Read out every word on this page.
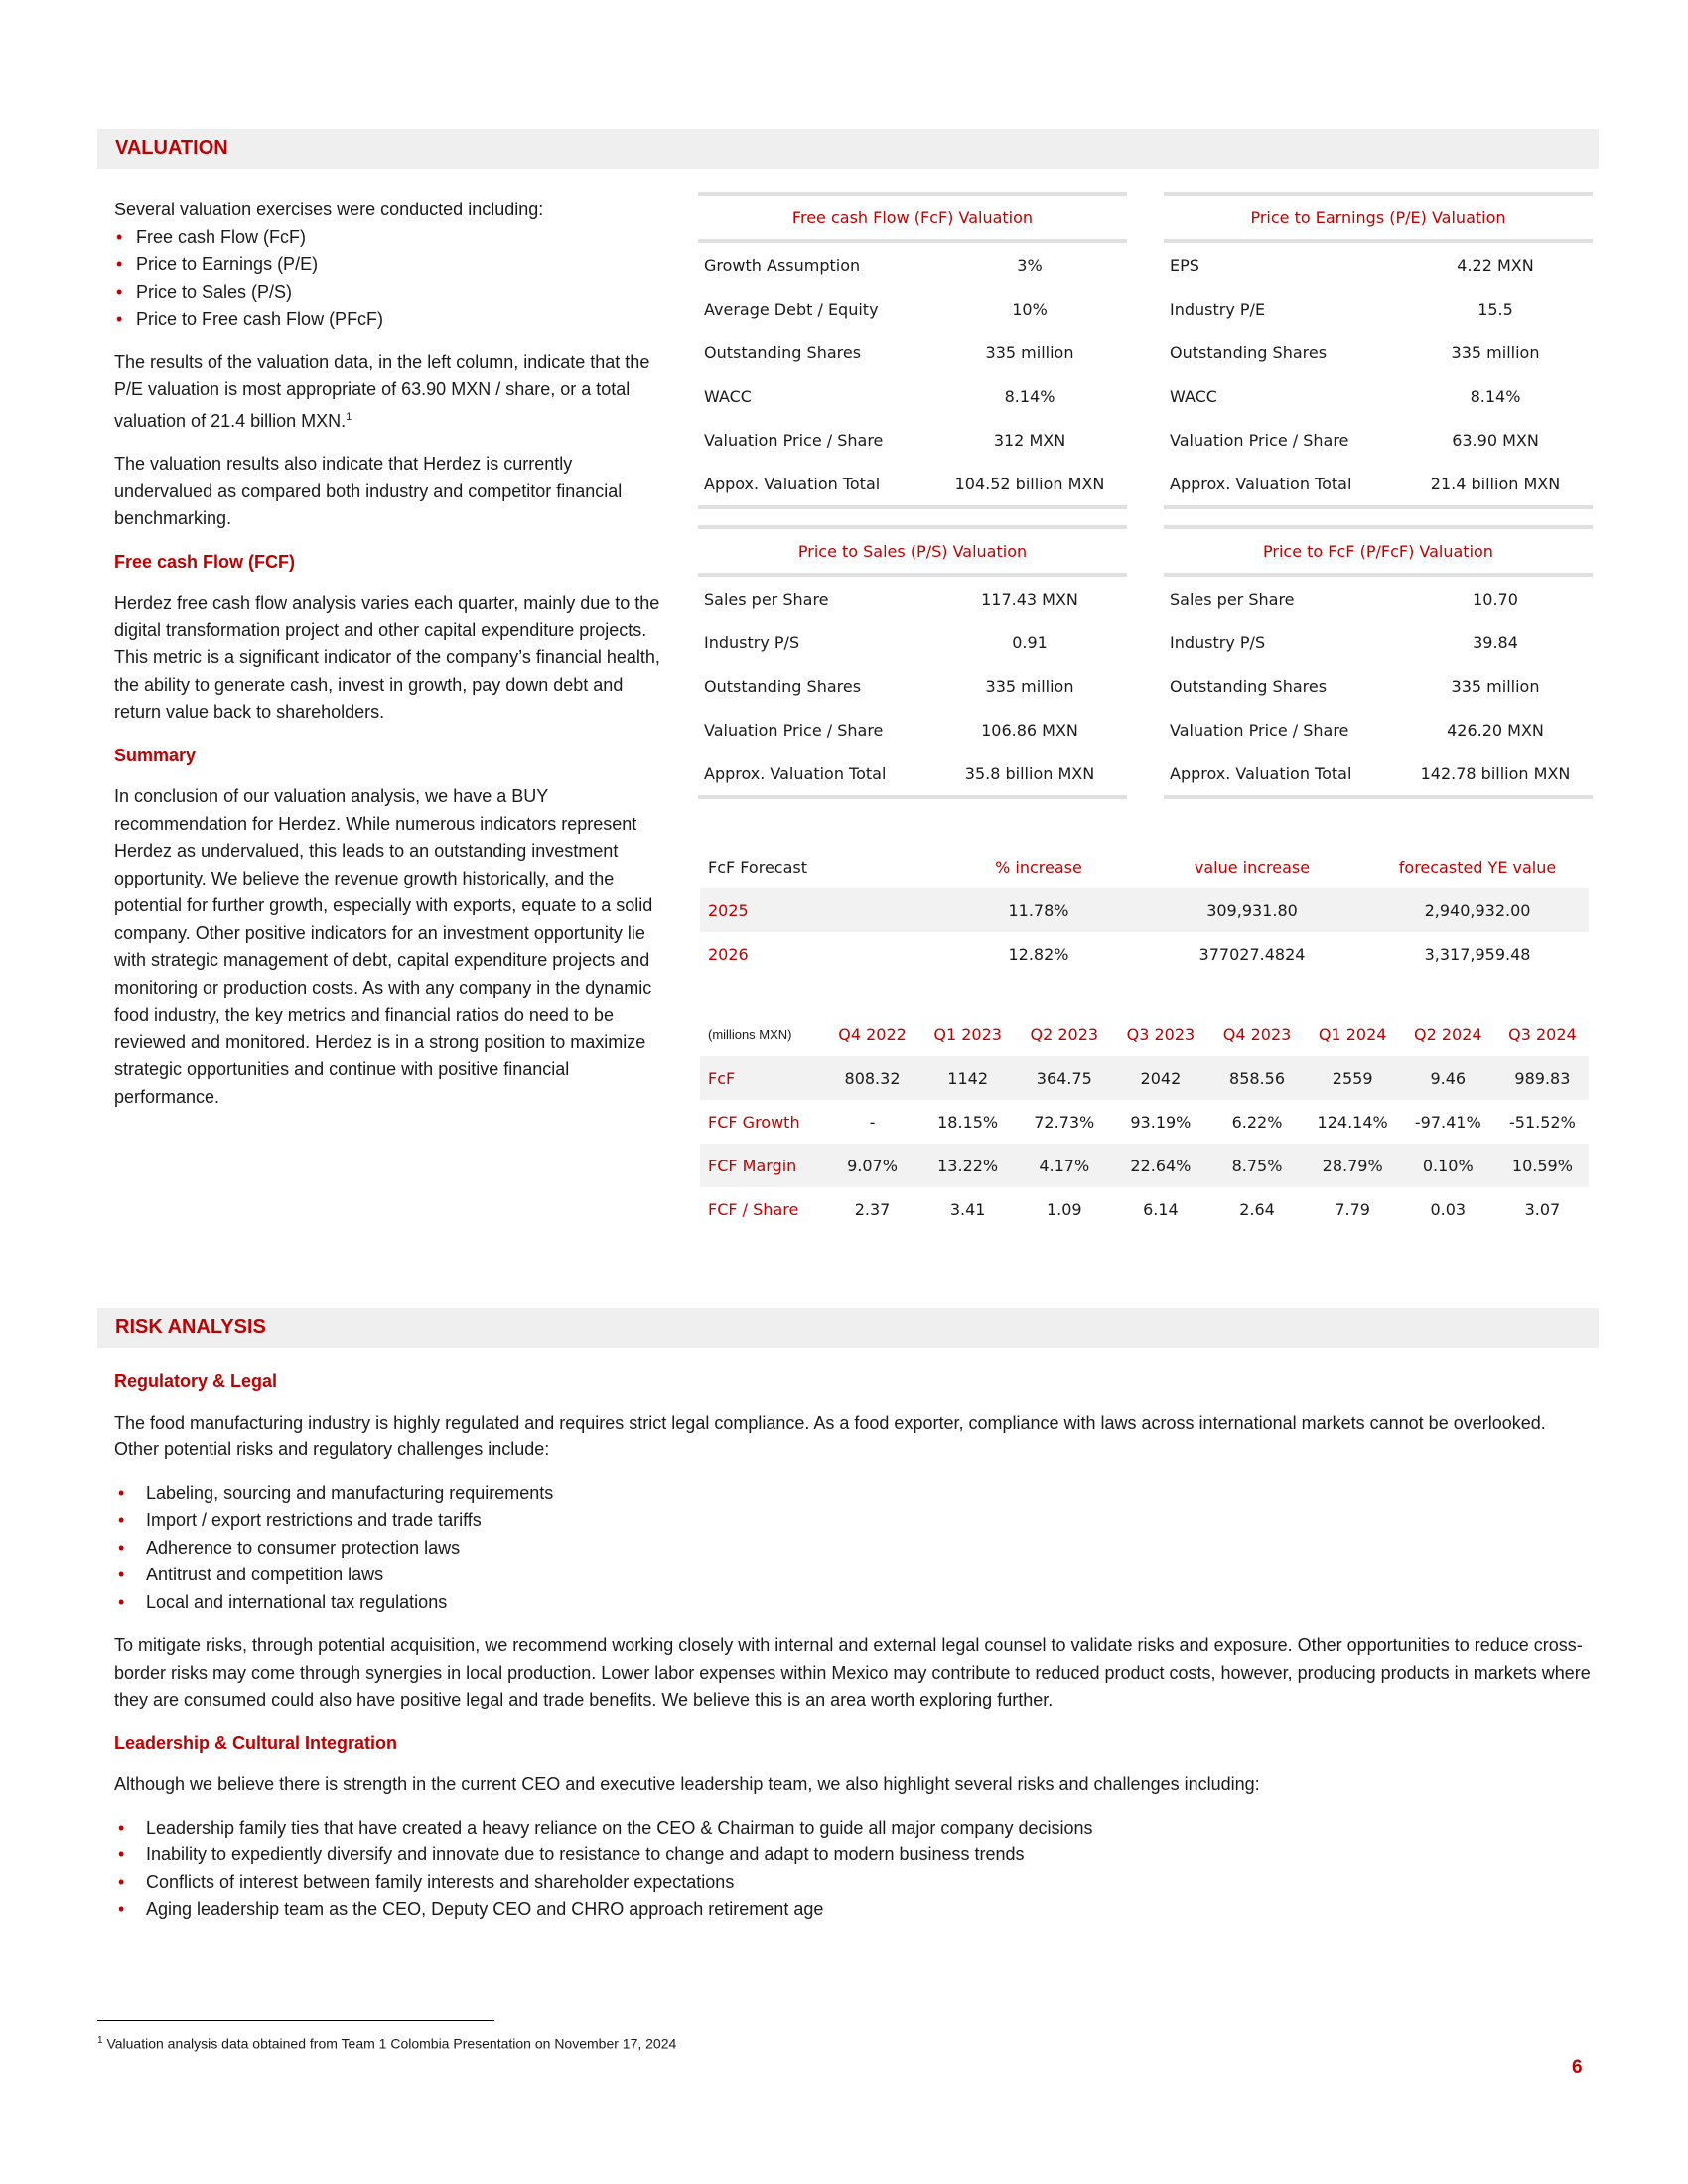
VALUATION

Several valuation exercises were conducted including:

• Free cash Flow (FcF)
• Price to Earnings (P/E)
• Price to Sales (P/S)
• Price to Free cash Flow (PFcF)

The results of the valuation data, in the left column, indicate that the P/E valuation is most appropriate of 63.90 MXN / share, or a total valuation of 21.4 billion MXN.$^1$

The valuation results also indicate that Herdez is currently undervalued as compared both industry and competitor financial benchmarking.

Free cash Flow (FCF)

Herdez free cash flow analysis varies each quarter, mainly due to the digital transformation project and other capital expenditure projects. This metric is a significant indicator of the company’s financial health, the ability to generate cash, invest in growth, pay down debt and return value back to shareholders.

Summary

In conclusion of our valuation analysis, we have a BUY recommendation for Herdez. While numerous indicators represent Herdez as undervalued, this leads to an outstanding investment opportunity. We believe the revenue growth historically, and the potential for further growth, especially with exports, equate to a solid company. Other positive indicators for an investment opportunity lie with strategic management of debt, capital expenditure projects and monitoring or production costs. As with any company in the dynamic food industry, the key metrics and financial ratios do need to be reviewed and monitored. Herdez is in a strong position to maximize strategic opportunities and continue with positive financial performance.

Free cash Flow (FcF) Valuation
Growth Assumption	3%
Average Debt / Equity	10%
Outstanding Shares	335 million
WACC	8.14%
Valuation Price / Share	312 MXN
Appox. Valuation Total	104.52 billion MXN
Price to Earnings (P/E) Valuation
EPS	4.22 MXN
Industry P/E	15.5
Outstanding Shares	335 million
WACC	8.14%
Valuation Price / Share	63.90 MXN
Approx. Valuation Total	21.4 billion MXN
Price to Sales (P/S) Valuation
Sales per Share	117.43 MXN
Industry P/S	0.91
Outstanding Shares	335 million
Valuation Price / Share	106.86 MXN
Approx. Valuation Total	35.8 billion MXN
Price to FcF (P/FcF) Valuation
Sales per Share	10.70
Industry P/S	39.84
Outstanding Shares	335 million
Valuation Price / Share	426.20 MXN
Approx. Valuation Total	142.78 billion MXN
FcF Forecast	% increase	value increase	forecasted YE value
2025	11.78%	309,931.80	2,940,932.00
2026	12.82%	377027.4824	3,317,959.48
(millions MXN)	Q4 2022	Q1 2023	Q2 2023	Q3 2023	Q4 2023	Q1 2024	Q2 2024	Q3 2024
FcF	808.32	1142	364.75	2042	858.56	2559	9.46	989.83
FCF Growth	-	18.15%	72.73%	93.19%	6.22%	124.14%	-97.41%	-51.52%
FCF Margin	9.07%	13.22%	4.17%	22.64%	8.75%	28.79%	0.10%	10.59%
FCF / Share	2.37	3.41	1.09	6.14	2.64	7.79	0.03	3.07
RISK ANALYSIS
Regulatory & Legal

The food manufacturing industry is highly regulated and requires strict legal compliance. As a food exporter, compliance with laws across international markets cannot be overlooked. Other potential risks and regulatory challenges include:

• Labeling, sourcing and manufacturing requirements
• Import / export restrictions and trade tariffs
• Adherence to consumer protection laws
• Antitrust and competition laws
• Local and international tax regulations

To mitigate risks, through potential acquisition, we recommend working closely with internal and external legal counsel to validate risks and exposure. Other opportunities to reduce cross-border risks may come through synergies in local production. Lower labor expenses within Mexico may contribute to reduced product costs, however, producing products in markets where they are consumed could also have positive legal and trade benefits. We believe this is an area worth exploring further.

Leadership & Cultural Integration

Although we believe there is strength in the current CEO and executive leadership team, we also highlight several risks and challenges including:

• Leadership family ties that have created a heavy reliance on the CEO & Chairman to guide all major company decisions
• Inability to expediently diversify and innovate due to resistance to change and adapt to modern business trends
• Conflicts of interest between family interests and shareholder expectations
• Aging leadership team as the CEO, Deputy CEO and CHRO approach retirement age
$^1$ Valuation analysis data obtained from Team 1 Colombia Presentation on November 17, 2024
6
